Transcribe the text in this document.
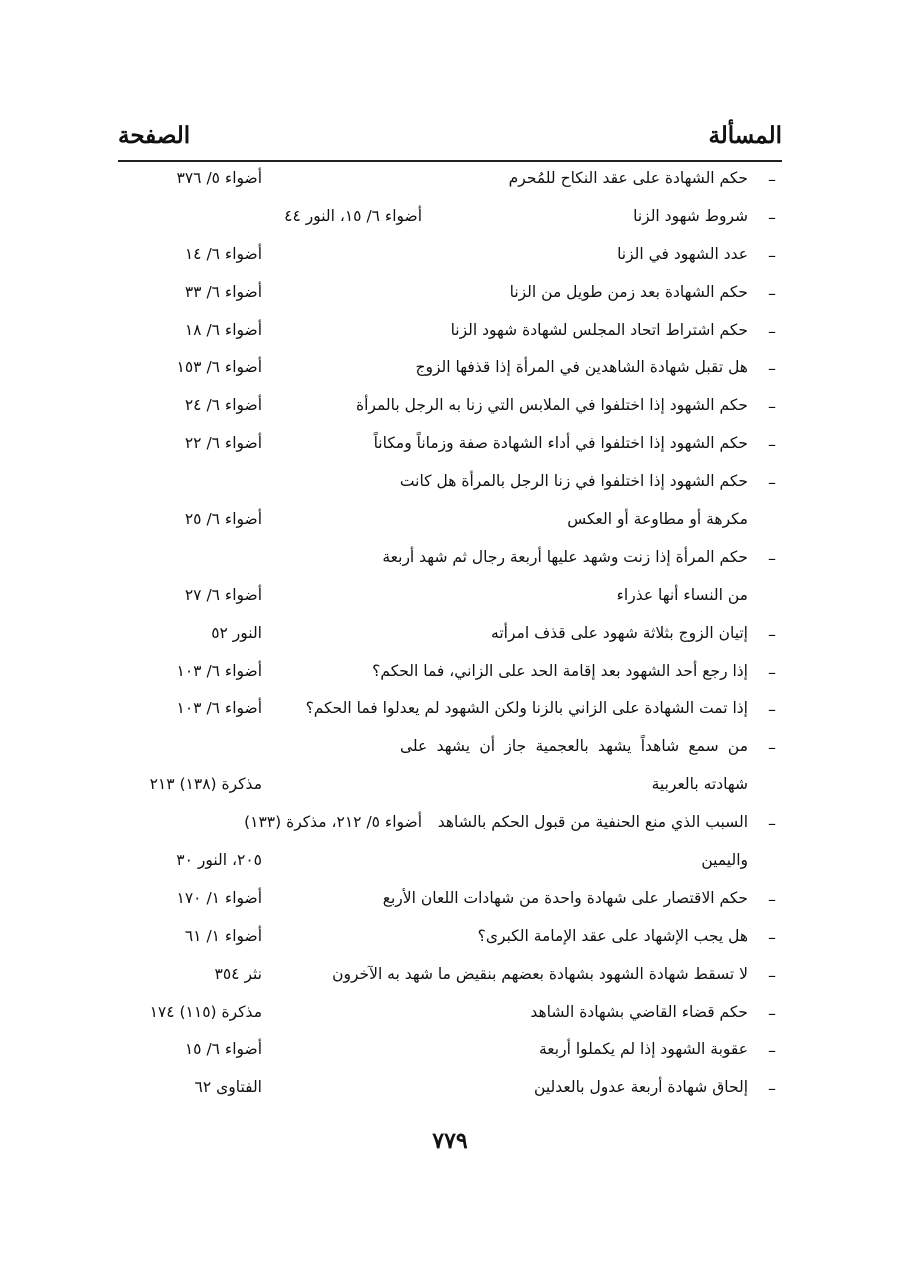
المسألة
الصفحة
–
حكم الشهادة على عقد النكاح للمُحرم
أضواء ٥/ ٣٧٦
–
شروط شهود الزنا
أضواء ٦/ ١٥، النور ٤٤
–
عدد الشهود في الزنا
أضواء ٦/ ١٤
–
حكم الشهادة بعد زمن طويل من الزنا
أضواء ٦/ ٣٣
–
حكم اشتراط اتحاد المجلس لشهادة شهود الزنا
أضواء ٦/ ١٨
–
هل تقبل شهادة الشاهدين في المرأة إذا قذفها الزوج
أضواء ٦/ ١٥٣
–
حكم الشهود إذا اختلفوا في الملابس التي زنا به الرجل بالمرأة
أضواء ٦/ ٢٤
–
حكم الشهود إذا اختلفوا في أداء الشهادة صفة وزماناً ومكاناً
أضواء ٦/ ٢٢
–
حكم الشهود إذا اختلفوا في زنا الرجل بالمرأة هل كانت
مكرهة أو مطاوعة أو العكس
أضواء ٦/ ٢٥
–
حكم المرأة إذا زنت وشهد عليها أربعة رجال ثم شهد أربعة
من النساء أنها عذراء
أضواء ٦/ ٢٧
–
إتيان الزوج بثلاثة شهود على قذف امرأته
النور ٥٢
–
إذا رجع أحد الشهود بعد إقامة الحد على الزاني، فما الحكم؟
أضواء ٦/ ١٠٣
–
إذا تمت الشهادة على الزاني بالزنا ولكن الشهود لم يعدلوا فما الحكم؟
أضواء ٦/ ١٠٣
–
من سمع شاهداً يشهد بالعجمية جاز أن يشهد على
شهادته بالعربية
مذكرة (١٣٨) ٢١٣
–
السبب الذي منع الحنفية من قبول الحكم بالشاهد
أضواء ٥/ ٢١٢، مذكرة (١٣٣)
واليمين
٢٠٥، النور ٣٠
–
حكم الاقتصار على شهادة واحدة من شهادات اللعان الأربع
أضواء ١/ ١٧٠
–
هل يجب الإشهاد على عقد الإمامة الكبرى؟
أضواء ١/ ٦١
–
لا تسقط شهادة الشهود بشهادة بعضهم بنقيض ما شهد به الآخرون
نثر ٣٥٤
–
حكم قضاء القاضي بشهادة الشاهد
مذكرة (١١٥) ١٧٤
–
عقوبة الشهود إذا لم يكملوا أربعة
أضواء ٦/ ١٥
–
إلحاق شهادة أربعة عدول بالعدلين
الفتاوى ٦٢
٧٧٩
